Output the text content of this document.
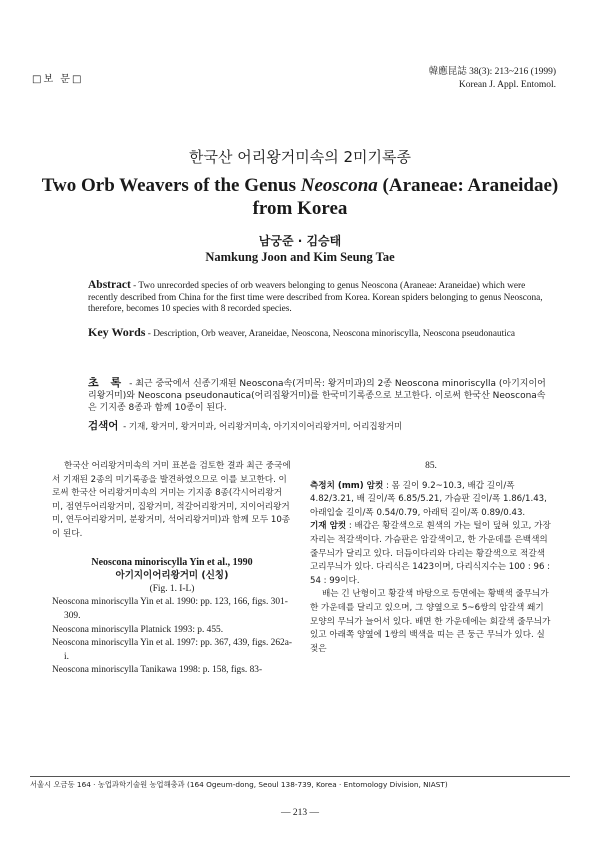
□보 문□
韓應昆誌 38(3): 213~216 (1999)
Korean J. Appl. Entomol.
한국산 어리왕거미속의 2미기록종
Two Orb Weavers of the Genus Neoscona (Araneae: Araneidae) from Korea
남궁준 · 김승태
Namkung Joon and Kim Seung Tae
Abstract - Two unrecorded species of orb weavers belonging to genus Neoscona (Araneae: Araneidae) which were recently described from China for the first time were described from Korea. Korean spiders belonging to genus Neoscona, therefore, becomes 10 species with 8 recorded species.
Key Words - Description, Orb weaver, Araneidae, Neoscona, Neoscona minoriscylla, Neoscona pseudonautica
초 록 - 최근 중국에서 신종기재된 Neoscona속(거미목: 왕거미과)의 2종 Neoscona minoriscylla (아기지이어리왕거미)와 Neoscona pseudonautica(어리집왕거미)를 한국미기록종으로 보고한다. 이로써 한국산 Neoscona속은 기지종 8종과 함께 10종이 된다.
검색어 - 기재, 왕거미, 왕거미과, 어리왕거미속, 아기지이어리왕거미, 어리집왕거미

한국산 어리왕거미속의 거미 표본을 검토한 결과 최근 중국에서 기재된 2종의 미기록종을 발견하였으므로 이를 보고한다. 이로써 한국산 어리왕거미속의 거미는 기지종 8종(각시어리왕거미, 점연두어리왕거미, 집왕거미, 적갈어리왕거미, 지이어리왕거미, 연두어리왕거미, 분왕거미, 석어리왕거미)과 함께 모두 10종이 된다.

Neoscona minoriscylla Yin et al., 1990

아기지이어리왕거미 (신칭)

(Fig. 1. I-L)

Neoscona minoriscylla Yin et al. 1990: pp. 123, 166, figs. 301-309.

Neoscona minoriscylla Platnick 1993: p. 455.

Neoscona minoriscylla Yin et al. 1997: pp. 367, 439, figs. 262a-i.

Neoscona minoriscylla Tanikawa 1998: p. 158, figs. 83-

85.

측정치 (mm) 암컷 : 몸 길이 9.2~10.3, 배갑 길이/폭 4.82/3.21, 배 길이/폭 6.85/5.21, 가슴판 길이/폭 1.86/1.43, 아래입술 길이/폭 0.54/0.79, 아래턱 길이/폭 0.89/0.43.

기재 암컷 : 배갑은 황갈색으로 흰색의 가는 털이 덮혀 있고, 가장자리는 적갈색이다. 가슴판은 암갈색이고, 한 가운데를 은백색의 줄무늬가 달리고 있다. 더듬이다리와 다리는 황갈색으로 적갈색 고리무늬가 있다. 다리식은 1423이며, 다리식지수는 100 : 96 : 54 : 99이다.

배는 긴 난형이고 황갈색 바탕으로 등면에는 황백색 줄무늬가 한 가운데를 달리고 있으며, 그 양옆으로 5~6쌍의 암갈색 쐐기 모양의 무늬가 늘어서 있다. 배면 한 가운데에는 회갈색 줄무늬가 있고 아래쪽 양옆에 1쌍의 백색을 띠는 큰 둥근 무늬가 있다. 실젖은

서울시 오금동 164 · 농업과학기술원 농업해충과 (164 Ogeum-dong, Seoul 138-739, Korea · Entomology Division, NIAST)
— 213 —
